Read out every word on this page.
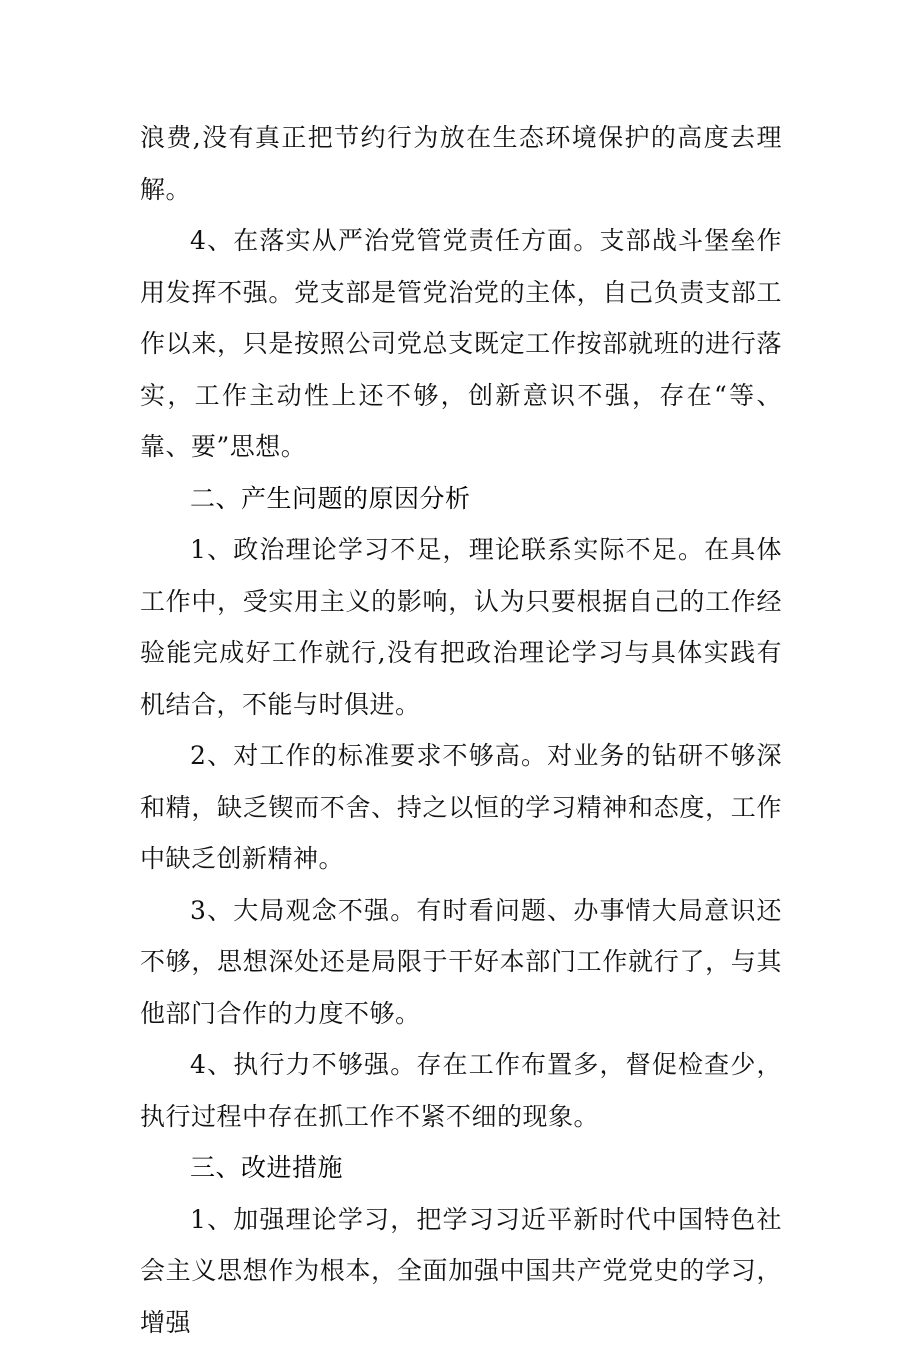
浪费,没有真正把节约行为放在生态环境保护的高度去理解。

4、在落实从严治党管党责任方面。支部战斗堡垒作用发挥不强。党支部是管党治党的主体，自己负责支部工作以来，只是按照公司党总支既定工作按部就班的进行落实，工作主动性上还不够，创新意识不强，存在“等、靠、要”思想。

二、产生问题的原因分析

1、政治理论学习不足，理论联系实际不足。在具体工作中，受实用主义的影响，认为只要根据自己的工作经验能完成好工作就行,没有把政治理论学习与具体实践有机结合，不能与时俱进。

2、对工作的标准要求不够高。对业务的钻研不够深和精，缺乏锲而不舍、持之以恒的学习精神和态度，工作中缺乏创新精神。

3、大局观念不强。有时看问题、办事情大局意识还不够，思想深处还是局限于干好本部门工作就行了，与其他部门合作的力度不够。

4、执行力不够强。存在工作布置多，督促检查少，执行过程中存在抓工作不紧不细的现象。

三、改进措施

1、加强理论学习，把学习习近平新时代中国特色社会主义思想作为根本，全面加强中国共产党党史的学习，增强
